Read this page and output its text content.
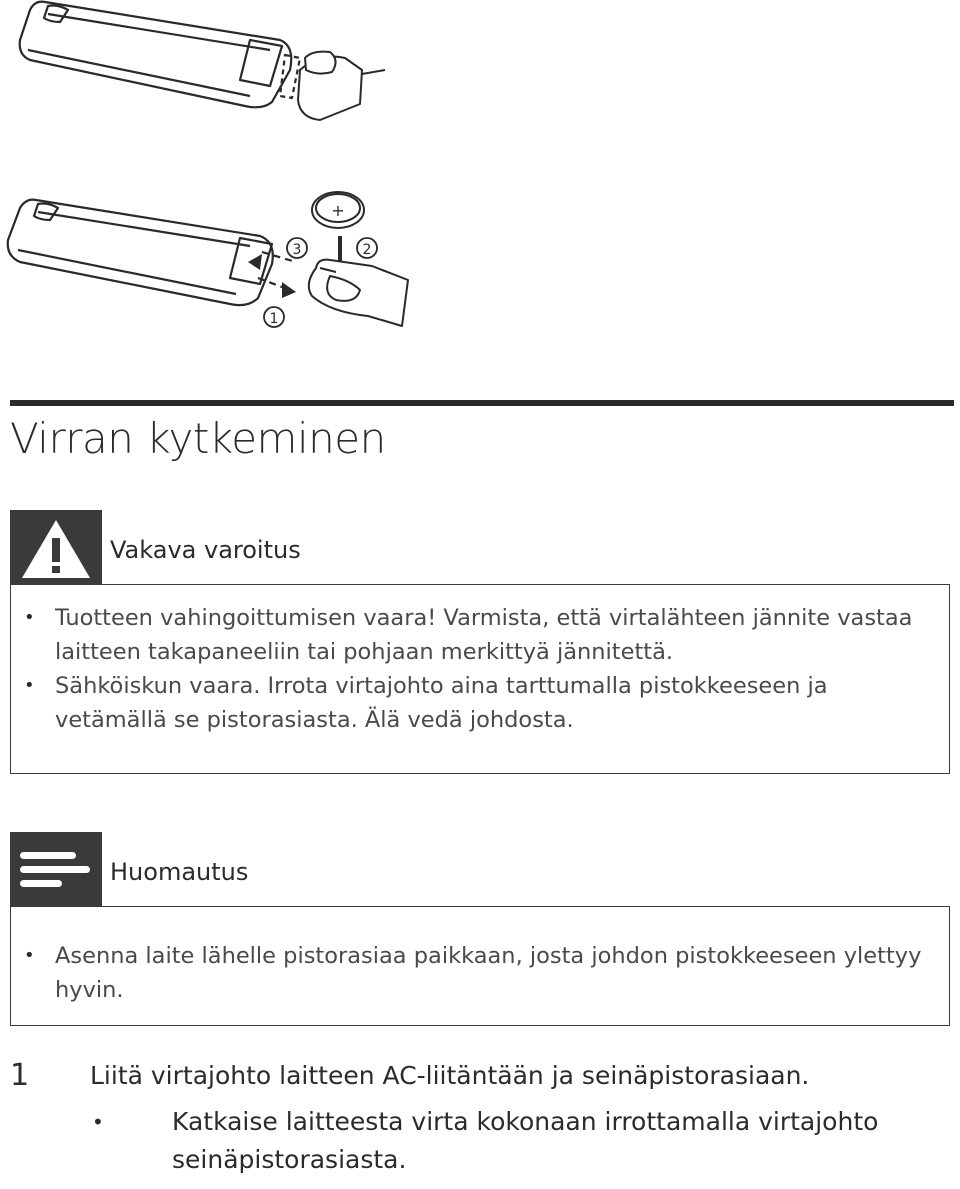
+
3	2
1
Virran kytkeminen
Vakava varoitus
• Tuotteen vahingoittumisen vaara! Varmista, että virtalähteen jännite vastaa laitteen takapaneeliin tai pohjaan merkittyä jännitettä.
• Sähköiskun vaara. Irrota virtajohto aina tarttumalla pistokkeeseen ja vetämällä se pistorasiasta. Älä vedä johdosta.
Huomautus
• Asenna laite lähelle pistorasiaa paikkaan, josta johdon pistokkeeseen ylettyy hyvin.
1 Liitä virtajohto laitteen AC-liitäntään ja seinäpistorasiaan.
• Katkaise laitteesta virta kokonaan irrottamalla virtajohto seinäpistorasiasta.
